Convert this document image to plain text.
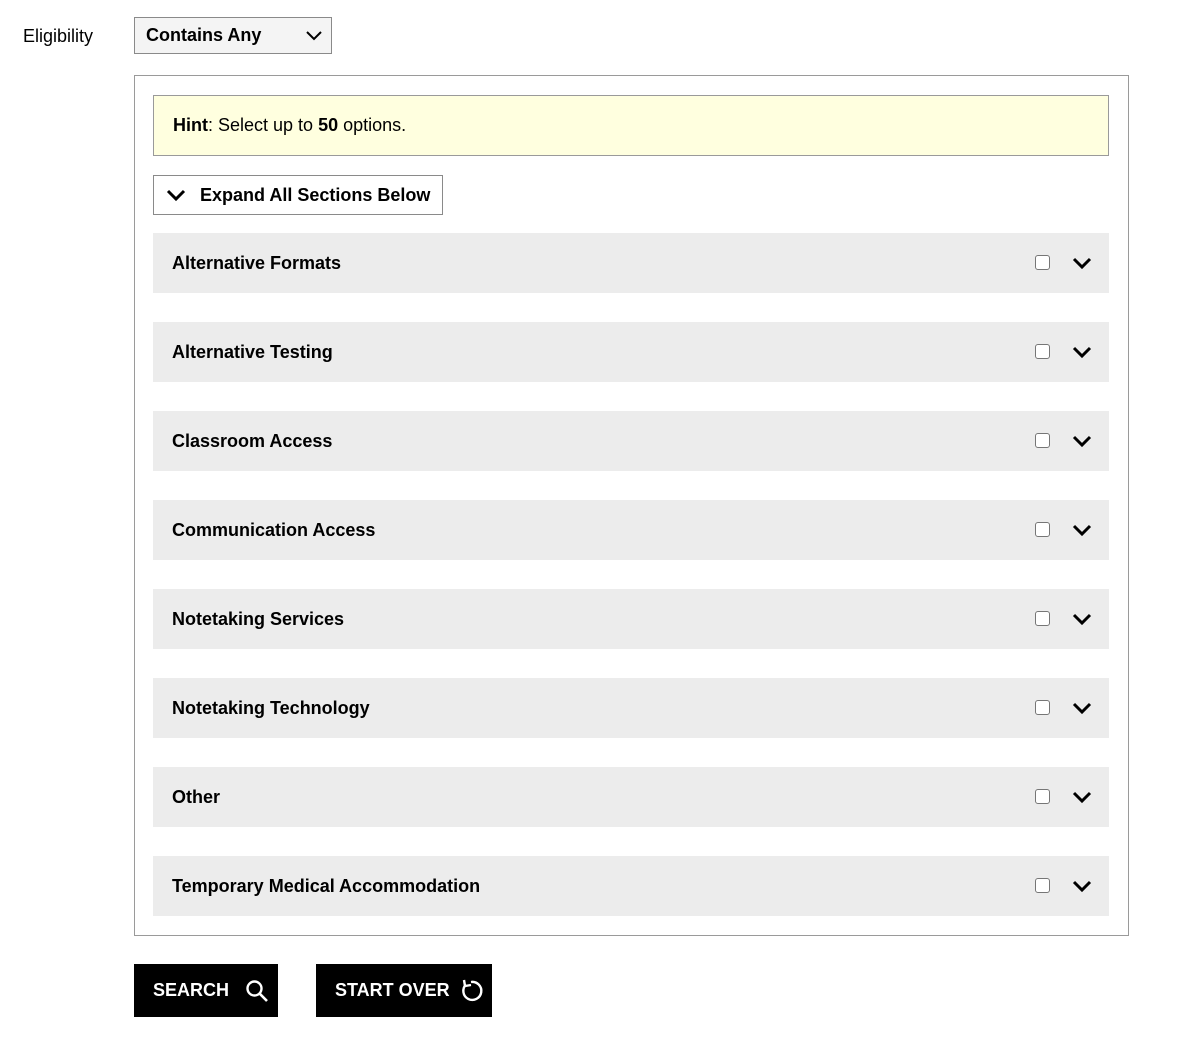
Eligibility	Contains Any
Hint : Select up to 50 options.
Expand All Sections Below
Alternative Formats
Alternative Testing
Classroom Access
Communication Access
Notetaking Services
Notetaking Technology
Other
Temporary Medical Accommodation
SEARCH	START OVER
